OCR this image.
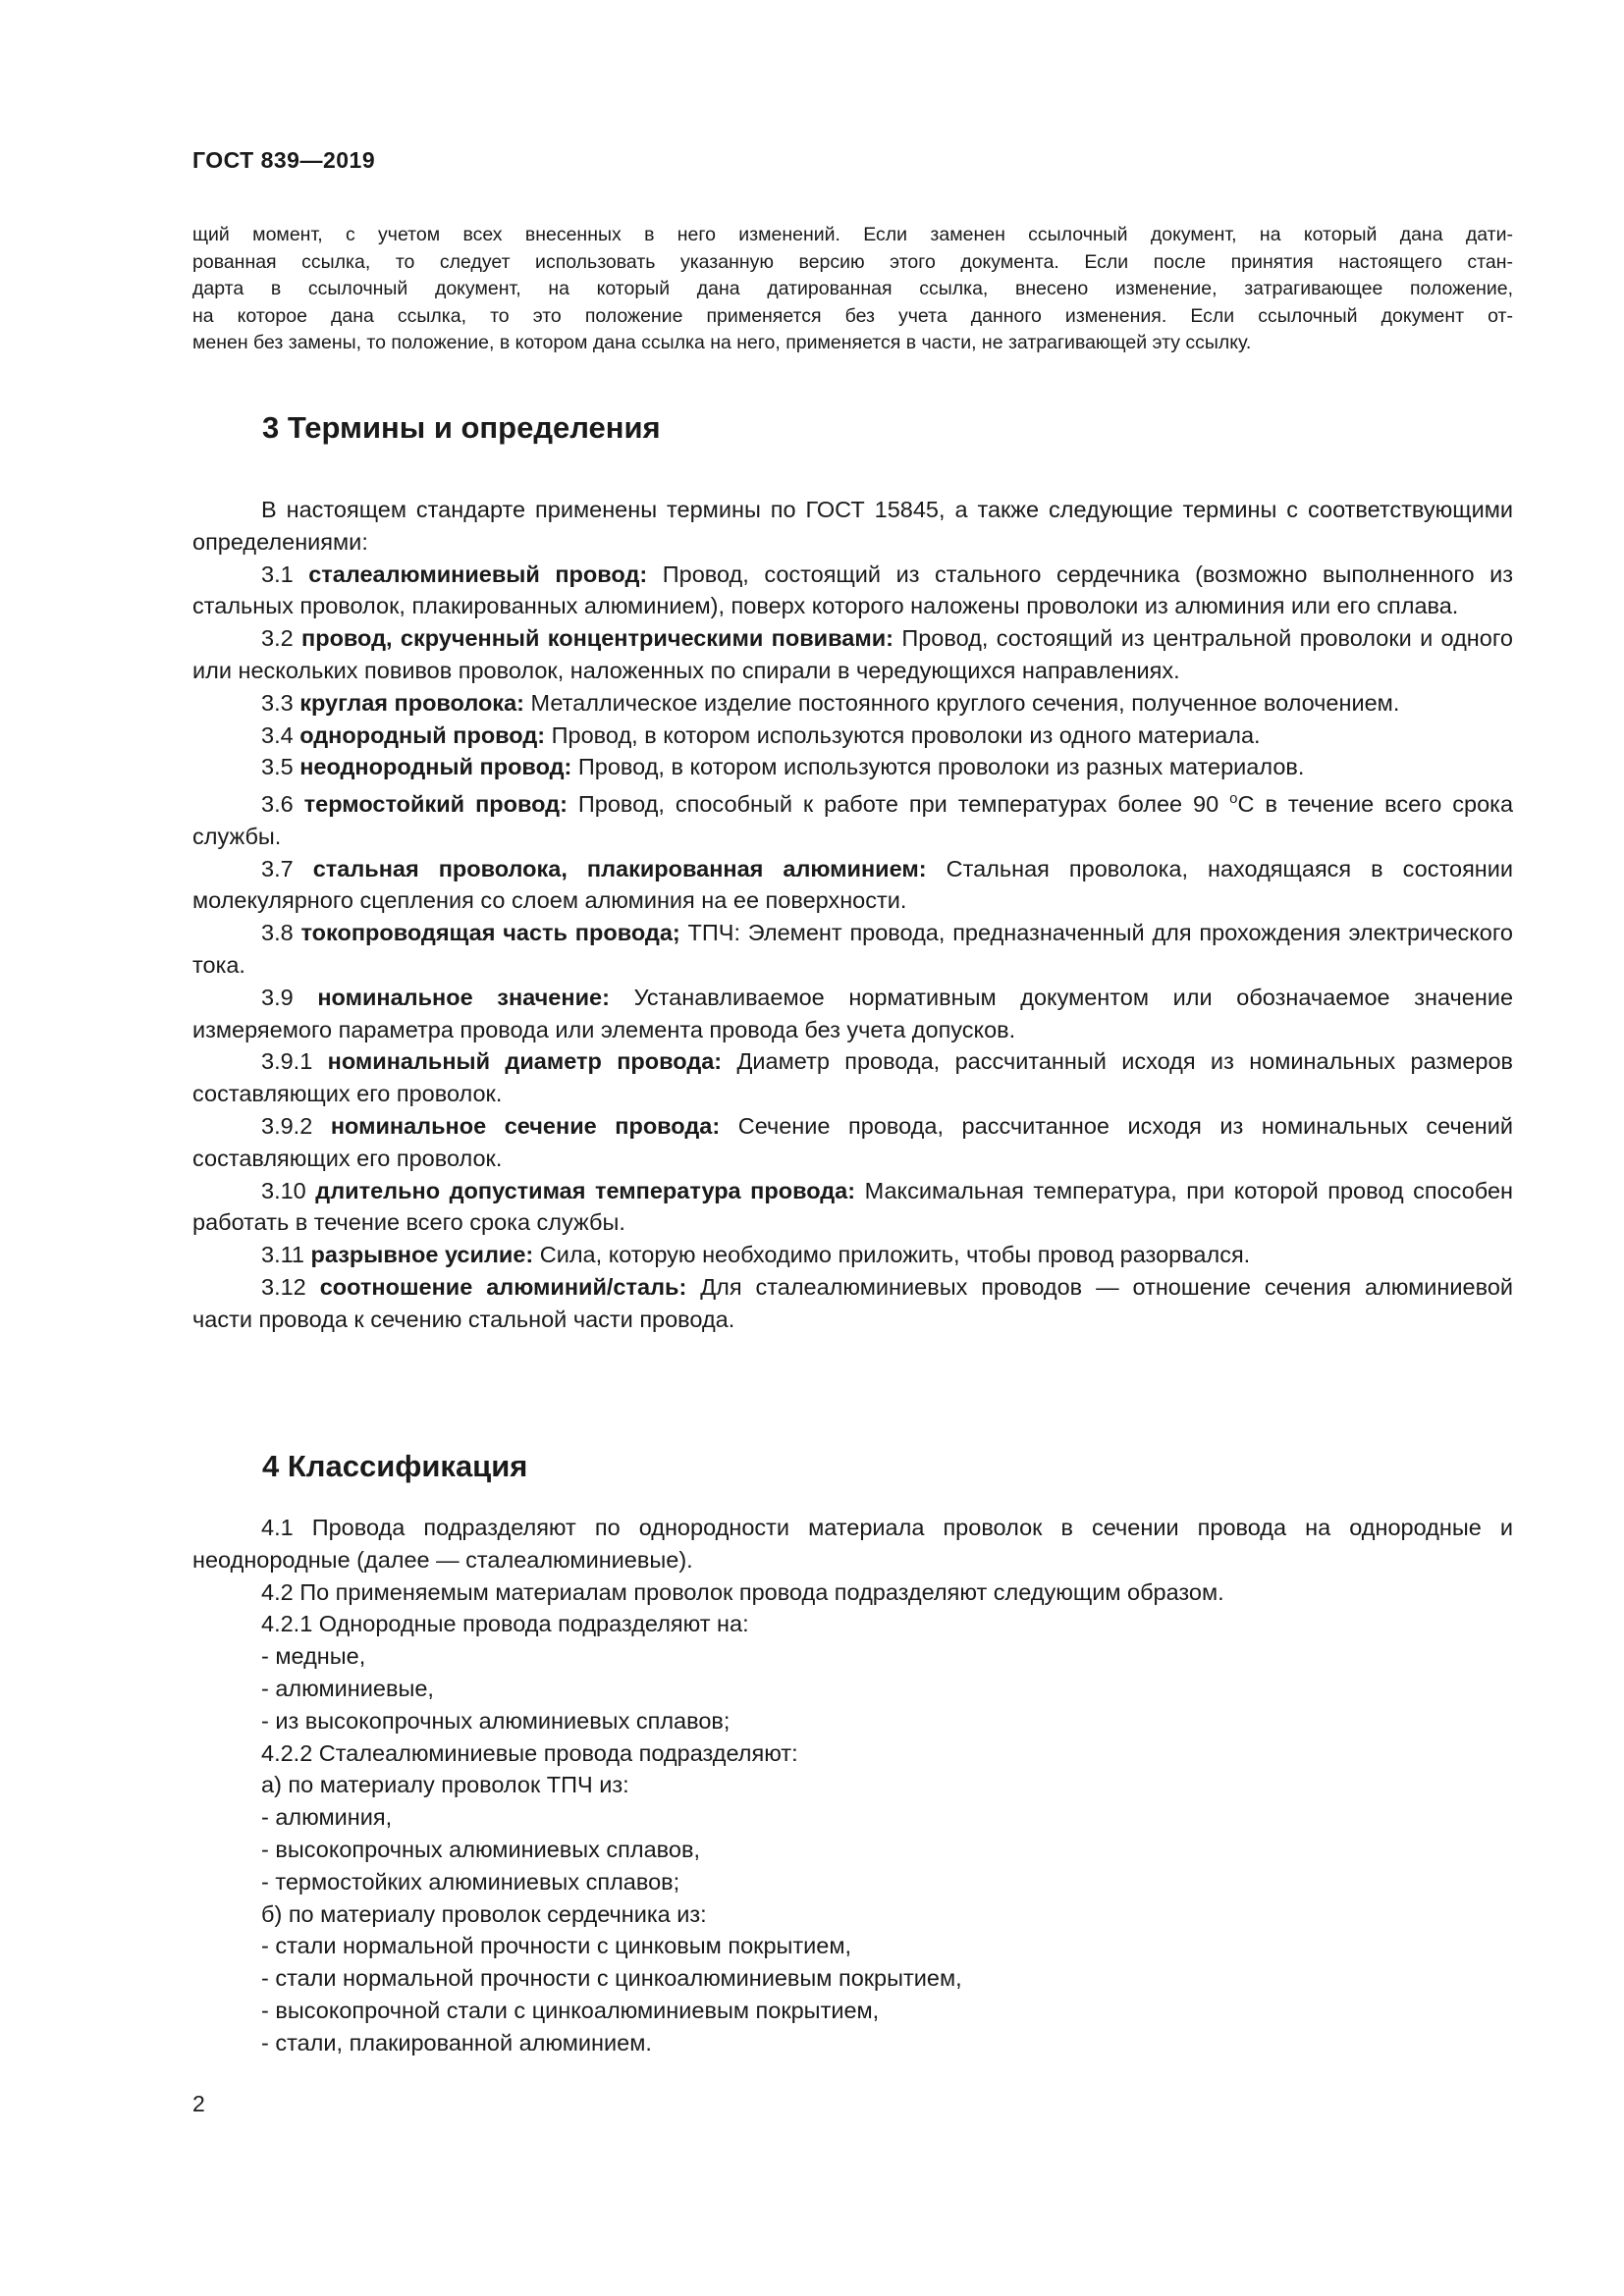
ГОСТ 839—2019
щий момент, с учетом всех внесенных в него изменений. Если заменен ссылочный документ, на который дана дати-
рованная ссылка, то следует использовать указанную версию этого документа. Если после принятия настоящего стан-
дарта в ссылочный документ, на который дана датированная ссылка, внесено изменение, затрагивающее положение,
на которое дана ссылка, то это положение применяется без учета данного изменения. Если ссылочный документ от-
менен без замены, то положение, в котором дана ссылка на него, применяется в части, не затрагивающей эту ссылку.
3 Термины и определения

В настоящем стандарте применены термины по ГОСТ 15845, а также следующие термины с соответствующими определениями:

3.1 сталеалюминиевый провод: Провод, состоящий из стального сердечника (возможно выполненного из стальных проволок, плакированных алюминием), поверх которого наложены проволоки из алюминия или его сплава.

3.2 провод, скрученный концентрическими повивами: Провод, состоящий из центральной проволоки и одного или нескольких повивов проволок, наложенных по спирали в чередующихся направлениях.

3.3 круглая проволока: Металлическое изделие постоянного круглого сечения, полученное волочением.

3.4 однородный провод: Провод, в котором используются проволоки из одного материала.

3.5 неоднородный провод: Провод, в котором используются проволоки из разных материалов.

3.6 термостойкий провод: Провод, способный к работе при температурах более 90 $^о$С в течение всего срока службы.

3.7 стальная проволока, плакированная алюминием: Стальная проволока, находящаяся в состоянии молекулярного сцепления со слоем алюминия на ее поверхности.

3.8 токопроводящая часть провода; ТПЧ: Элемент провода, предназначенный для прохождения электрического тока.

3.9 номинальное значение: Устанавливаемое нормативным документом или обозначаемое значение измеряемого параметра провода или элемента провода без учета допусков.

3.9.1 номинальный диаметр провода: Диаметр провода, рассчитанный исходя из номинальных размеров составляющих его проволок.

3.9.2 номинальное сечение провода: Сечение провода, рассчитанное исходя из номинальных сечений составляющих его проволок.

3.10 длительно допустимая температура провода: Максимальная температура, при которой провод способен работать в течение всего срока службы.

3.11 разрывное усилие: Сила, которую необходимо приложить, чтобы провод разорвался.

3.12 соотношение алюминий/сталь: Для сталеалюминиевых проводов — отношение сечения алюминиевой части провода к сечению стальной части провода.

4 Классификация

4.1 Провода подразделяют по однородности материала проволок в сечении провода на однородные и неоднородные (далее — сталеалюминиевые).

4.2 По применяемым материалам проволок провода подразделяют следующим образом.

4.2.1 Однородные провода подразделяют на:

- медные,

- алюминиевые,

- из высокопрочных алюминиевых сплавов;

4.2.2 Сталеалюминиевые провода подразделяют:

а) по материалу проволок ТПЧ из:

- алюминия,

- высокопрочных алюминиевых сплавов,

- термостойких алюминиевых сплавов;

б) по материалу проволок сердечника из:

- стали нормальной прочности с цинковым покрытием,

- стали нормальной прочности с цинкоалюминиевым покрытием,

- высокопрочной стали с цинкоалюминиевым покрытием,

- стали, плакированной алюминием.

2
